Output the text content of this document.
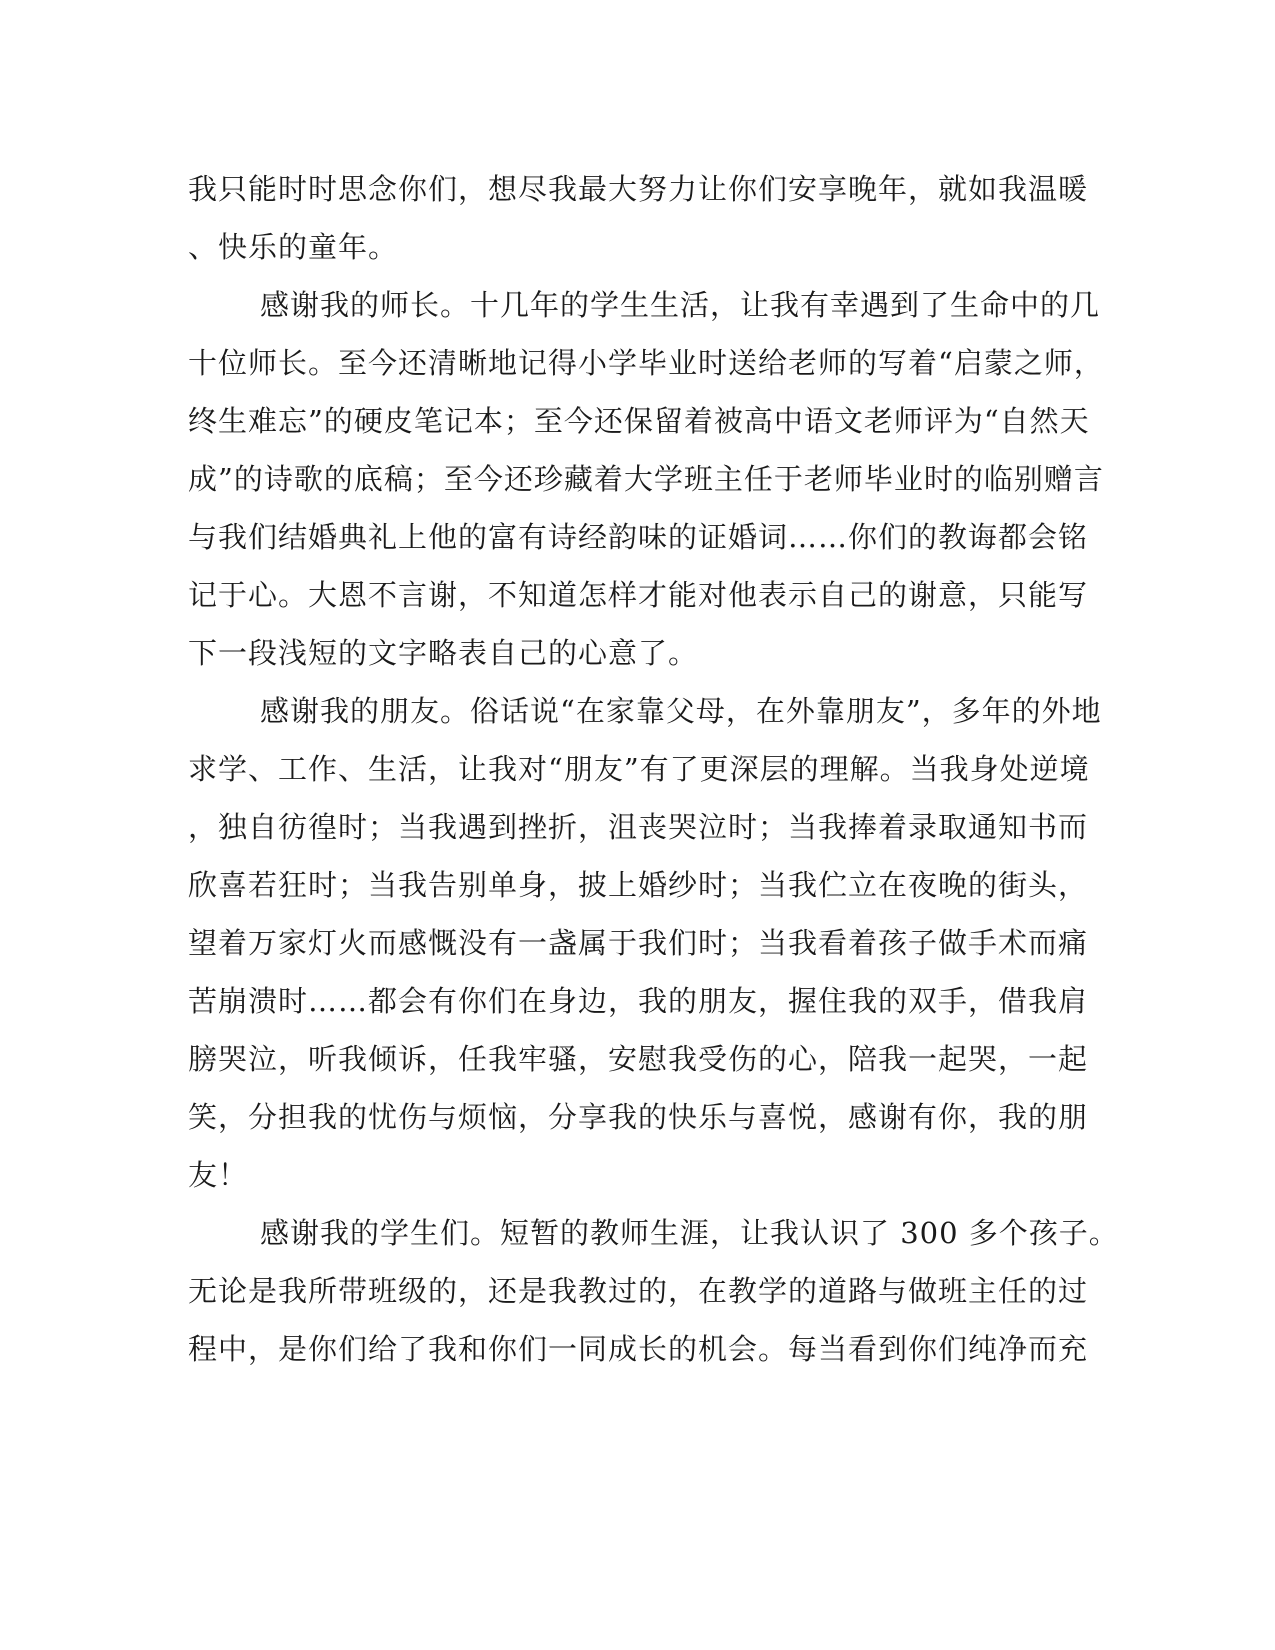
我只能时时思念你们，想尽我最大努力让你们安享晚年，就如我温暖
、快乐的童年。
感谢我的师长。十几年的学生生活，让我有幸遇到了生命中的几
十位师长。至今还清晰地记得小学毕业时送给老师的写着“启蒙之师，
终生难忘”的硬皮笔记本；至今还保留着被高中语文老师评为“自然天
成”的诗歌的底稿；至今还珍藏着大学班主任于老师毕业时的临别赠言
与我们结婚典礼上他的富有诗经韵味的证婚词……你们的教诲都会铭
记于心。大恩不言谢，不知道怎样才能对他表示自己的谢意，只能写
下一段浅短的文字略表自己的心意了。
感谢我的朋友。俗话说“在家靠父母，在外靠朋友”，多年的外地
求学、工作、生活，让我对“朋友”有了更深层的理解。当我身处逆境
，独自彷徨时；当我遇到挫折，沮丧哭泣时；当我捧着录取通知书而
欣喜若狂时；当我告别单身，披上婚纱时；当我伫立在夜晚的街头，
望着万家灯火而感慨没有一盏属于我们时；当我看着孩子做手术而痛
苦崩溃时……都会有你们在身边，我的朋友，握住我的双手，借我肩
膀哭泣，听我倾诉，任我牢骚，安慰我受伤的心，陪我一起哭，一起
笑，分担我的忧伤与烦恼，分享我的快乐与喜悦，感谢有你，我的朋
友！
感谢我的学生们。短暂的教师生涯，让我认识了 300 多个孩子。
无论是我所带班级的，还是我教过的，在教学的道路与做班主任的过
程中，是你们给了我和你们一同成长的机会。每当看到你们纯净而充
